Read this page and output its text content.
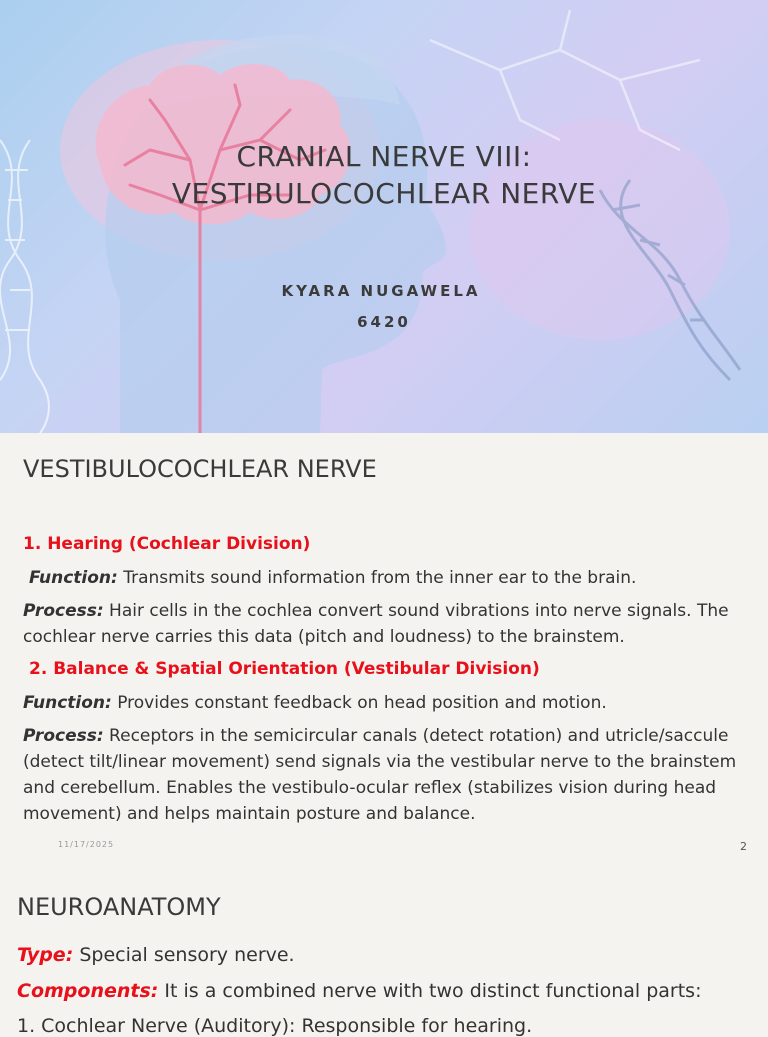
CRANIAL NERVE VIII:
VESTIBULOCOCHLEAR NERVE
KYARA NUGAWELA
6420
VESTIBULOCOCHLEAR NERVE
1. Hearing (Cochlear Division)
Function: Transmits sound information from the inner ear to the brain.
Process: Hair cells in the cochlea convert sound vibrations into nerve signals. The cochlear nerve carries this data (pitch and loudness) to the brainstem.
2. Balance & Spatial Orientation (Vestibular Division)
Function: Provides constant feedback on head position and motion.
Process: Receptors in the semicircular canals (detect rotation) and utricle/saccule (detect tilt/linear movement) send signals via the vestibular nerve to the brainstem and cerebellum. Enables the vestibulo-ocular reflex (stabilizes vision during head movement) and helps maintain posture and balance.
11/17/2025	2
NEUROANATOMY
Type: Special sensory nerve.
Components: It is a combined nerve with two distinct functional parts:
1. Cochlear Nerve (Auditory): Responsible for hearing.
